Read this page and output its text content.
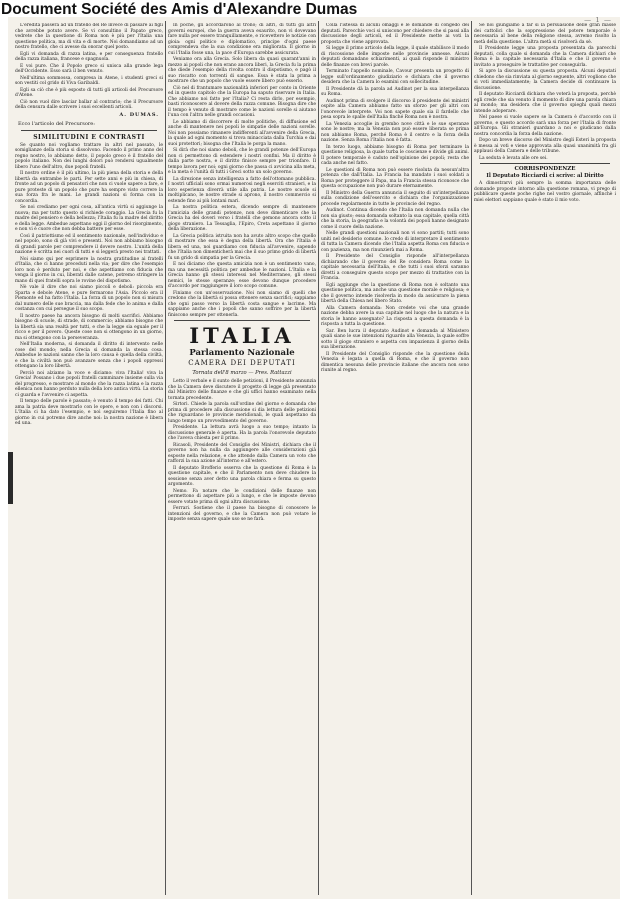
Document Société des Amis d'Alexandre Dumas
— 1 —

L'eredità passerà ad un fratello del Re invece di passare ai figli che avrebbe potuto avere. Se vi consultino il Papato greco, vedrete che la questione di Roma non è più per l'Italia una questione politica, ma di vita e di morte. Noi domandiamo ad un nostro fratello, che ci avesse da onorar quel posto.

Egli vi domanda di razza latina, e per conseguenza fratello della razza italiana, francese e spagnuola.

E voi pure. Che il Popolo greco si unisca alla grande lega dell'Occidente. Esso sarà il ben venuto.

Nell'ultima sommossa, compresa in Atene, i studenti greci si son vestiti col grido di Viva Garibaldi.

Egli sa ciò che è più esposto di tutti gli articoli del Precursore d'Atene.

Ciò non vuol dire lasciar ballar al contrario; che il Precursore della censura dalle scrivere i suoi eccellenti articoli.

A. DUMAS.
Ecco l'articolo del Precursore:
SIMILITUDINI E CONTRASTI

Se quanto noi vogliamo trattare in altri nel passato, le somiglianze della storia si dissolvono. Facendo il primo anno del regno nostro, lo abbiamo detto, il popolo greco è il fratello del popolo italiano. Non dei lunghi dolori può rendersi ugualmente libero l'uno dell'altro, due popoli fratelli.

Il nostro ordine è il più ultimo, la più piena della storia e della libertà da entrambe le parti. Per sette anni e più in chiesa, di fronte ad un popolo di pensatori che non ci vuole sapere a fare, e pure proteste di un popolo che pure ha sempre visto correre la sua forza fra le mani. Le grandi nazioni si forma con la concordia.

Se noi crediamo per ogni cosa, all'antica virtù si aggiunge la nuova; ma per tutto questo si richiede coraggio. La Grecia fu la madre del pensiero e della bellezza; l'Italia fu la madre del diritto e della legge. Ambedue aspettano oggi il giorno del risorgimento, e non vi è cuore che non debba battere per esse.

Così il patriottismo ed il sentimento nazionale, nell'individuo e nel popolo, sono di già vivi e presenti. Noi non abbiamo bisogno di grandi parole per comprendere il dovere nostro. L'unità della nazione è scritta nei cuori di tutti e si leggerà presto nei trattati.

Noi siamo qui per esprimere la nostra gratitudine ai fratelli d'Italia, che ci hanno preceduti nella via; per dire che l'esempio loro non è perduto per noi, e che aspettiamo con fiducia che venga il giorno in cui, liberati dalle catene, potremo stringere la mano di quei fratelli sopra le rovine del dispotismo.

Nè vale il dire che noi siamo piccoli e deboli: piccola era Sparta e debole Atene, e pure fermarono l'Asia. Piccolo era il Piemonte ed ha fatto l'Italia. La forza di un popolo non si misura dal numero delle sue braccia, ma dalla fede che lo anima e dalla costanza con cui persegue il suo scopo.

Il nostro paese ha ancora bisogno di molti sacrifici. Abbiamo bisogno di scuole, di strade, di commercio; abbiamo bisogno che la libertà sia una realtà per tutti, e che la legge sia eguale per il ricco e per il povero. Queste cose non si ottengono in un giorno, ma si ottengono con la perseveranza.

Nell'Italia moderna, si domanda il diritto di intervento nelle cose del mondo; nella Grecia si domanda la stessa cosa. Ambedue le nazioni sanno che la loro causa è quella della civiltà, e che la civiltà non può avanzare senza che i popoli oppressi ottengano la loro libertà.

Perciò noi alziamo la voce e diciamo: viva l'Italia! viva la Grecia! Possano i due popoli fratelli camminare insieme sulla via del progresso, e mostrare al mondo che la razza latina e la razza ellenica non hanno perduto nulla della loro antica virtù. La storia ci guarda e l'avvenire ci aspetta.

Il tempo delle parole è passato; è venuto il tempo dei fatti. Chi ama la patria deve mostrarlo con le opere, e non con i discorsi. L'Italia ci ha dato l'esempio, e noi seguiremo l'Italia fino al giorno in cui potremo dire anche noi: la nostra nazione è libera ed una.

In poche, gli accordarono al trono; di altri, di tutti gli altri governi europei, che la guerra aveva esaurito, non vi dovevano fare nulla per essere tranquillamente, e ricevettero le notizie con gioia: ogni politico e diplomatico, principe d'ogni paese comprendeva che la sua condizione era migliorata. Il giorno in cui l'Italia fosse una, la pace d'Europa sarebbe assicurata.

Veniamo ora alla Grecia. Solo libera da quasi quarant'anni in mezzo ai popoli che non erano ancora liberi, la Grecia fu la prima che diede l'esempio della rivolta contro il dispotismo, e pagò il suo riscatto con torrenti di sangue. Essa è stata la prima a mostrare che un popolo che vuole essere libero può esserlo.

Ciò nel di frantumare nazionalità inferiori per conto in Oriente ed in questo capitolo che la Europa ha saputo riservare in Italia. Che abbiamo noi fatto per l'Italia? Ci resta dirlo, per esempio, basti riconoscere al dovere della razza comune. Bisogna dire che il tempo è venuto di mostrare come le nazioni sorelle si aiutano l'una con l'altra nelle grandi occasioni.

Le abbiamo di discorrere di molte politiche, di diffusione ed anche di mantenere nei popoli le simpatie delle nazioni sorelle. Noi non possiamo rimanere indifferenti all'avvenire della Grecia, la quale ad ogni momento si trova minacciata dalla Turchia e dai suoi protettori; bisogna che l'Italia le porga la mano.

Si dirà che noi siamo deboli, che le grandi potenze dell'Europa non ci permettono di estendere i nostri confini. Ma il diritto è dalla parte nostra, e il diritto finisce sempre per trionfare. Il tempo lavora per noi; ogni giorno che passa ci avvicina alla meta, e la meta è l'unità di tutti i Greci sotto un solo governo.

La direzione senza intelligenza a fatto dell'ottomano pubblica. I nostri ufficiali sono ormai numerosi negli eserciti stranieri, e la loro esperienza diverrà utile alla patria. Le nostre scuole si moltiplicano, le nostre strade si aprono, il nostro commercio si estende fino ai più lontani mari.

La nostra politica estera, dicendo sempre di mantenere l'amicizia delle grandi potenze, non deve dimenticare che la Grecia ha dei doveri verso i fratelli che gemono ancora sotto il giogo straniero. La Tessaglia, l'Epiro, Creta aspettano il giorno della liberazione.

La Grecia politica istruita non ha avuto altro scopo che quello di mostrare che essa è degna della libertà. Ora che l'Italia è libera ed una, noi guardiamo con fiducia all'avvenire, sapendo che l'Italia non dimenticherà mai che il suo primo grido di libertà fu un grido di simpatia per la Grecia.

E noi diciamo che questa amicizia non è un sentimento vano, ma una necessità politica per ambedue le nazioni. L'Italia e la Grecia hanno gli stessi interessi nel Mediterraneo, gli stessi nemici, le stesse speranze; esse devono dunque procedere d'accordo per raggiungere il loro scopo comune.

Finiamo con un'osservazione. Noi non siamo di quelli che credono che la libertà si possa ottenere senza sacrifici; sappiamo che ogni passo verso la libertà costa sangue e lacrime. Ma sappiamo anche che i popoli che sanno soffrire per la libertà finiscono sempre per ottenerla.

ITALIA
Parlamento Nazionale
CAMERA DEI DEPUTATI
Tornata dell'8 marzo — Pres. Rattazzi

Letto il verbale e il sunto delle petizioni, il Presidente annunzia che la Camera deve discutere il progetto di legge già presentato dal Ministro delle finanze e che gli uffici hanno esaminato nella tornata precedente.

Sirtori. Chiede la parola sull'ordine del giorno e domanda che prima di procedere alla discussione si dia lettura delle petizioni che riguardano le provincie meridionali, le quali aspettano da lungo tempo un provvedimento del governo.

Presidente. La lettura avrà luogo a suo tempo; intanto la discussione generale è aperta. Ha la parola l'onorevole deputato che l'aveva chiesta per il primo.

Ricasoli, Presidente del Consiglio dei Ministri, dichiara che il governo non ha nulla da aggiungere alle considerazioni già esposte nella relazione, e che attende dalla Camera un voto che rafforzi la sua azione all'interno e all'estero.

Il deputato Brofferio osserva che la questione di Roma è la questione capitale, e che il Parlamento non deve chiudere la sessione senza aver detto una parola chiara e ferma su questo argomento.

Nemo. Fa notare che le condizioni delle finanze non permettono di aspettare più a lungo, e che le imposte devono essere votate prima di ogni altra discussione.

Ferrari. Sostiene che il paese ha bisogno di conoscere le intenzioni del governo, e che la Camera non può votare le imposte senza sapere quale uso se ne farà.

Colla l'istessa di alcuni omaggi e le domande di congedo dei deputati. Parecchie voci si uniscono per chiedere che si passi alla discussione degli articoli, ed il Presidente mette ai voti la proposta che viene approvata.

Si legge il primo articolo della legge, il quale stabilisce il modo di riscossione delle imposte nelle provincie annesse. Alcuni deputati domandano schiarimenti, ai quali risponde il ministro delle finanze con brevi parole.

Terminato l'appello nominale, Cavour presenta un progetto di legge sull'ordinamento giudiziario e dichiara che il governo desidera che la Camera lo esamini con sollecitudine.

Il Presidente dà la parola ad Audinot per la sua interpellanza su Roma.

Audinot prima di svolgere il discorso il presidente dei ministri ospite alla Camera abbiamo fatto un sforzo per gli altri con l'onorevole interprete. Voi non sapete quale sia il fardello che pesa sopra le spalle dell'Italia finché Roma non è nostra.

La Venezia accoglie in grembo nove città e le sue speranze sono le nostre; ma la Venezia non può essere liberata se prima non abbiamo Roma, perché Roma è il centro e la forza della nazione. Senza Roma l'Italia non è fatta.

In terzo luogo, abbiamo bisogno di Roma per terminare la questione religiosa, la quale turba le coscienze e divide gli animi. Il potere temporale è caduto nell'opinione dei popoli; resta che cada anche nel fatto.

Le questioni di Roma non può essere risoluta da nessun'altra potenza che dall'Italia. La Francia ha mandato i suoi soldati a Roma per proteggere il Papa, ma la Francia stessa riconosce che questa occupazione non può durare eternamente.

Il Ministro della Guerra annuncia il seguito di un'interpellanza sulla condizione dell'esercito e dichiara che l'organizzazione procede regolarmente in tutte le provincie del regno.

Audinot. Continua dicendo che l'Italia non domanda nulla che non sia giusto; essa domanda soltanto la sua capitale, quella città che la storia, la geografia e la volontà dei popoli hanno designato come il cuore della nazione.

Nelle grandi questioni nazionali non vi sono partiti; tutti sono uniti nel desiderio comune. Io credo di interpretare il sentimento di tutta la Camera dicendo che l'Italia aspetta Roma con fiducia e con pazienza, ma non rinunzierà mai a Roma.

Il Presidente del Consiglio risponde all'interpellanza dichiarando che il governo del Re considera Roma come la capitale necessaria dell'Italia, e che tutti i suoi sforzi saranno diretti a conseguire questo scopo per mezzo di trattative con la Francia.

Egli aggiunge che la questione di Roma non è soltanto una questione politica, ma anche una questione morale e religiosa; e che il governo intende risolverla in modo da assicurare la piena libertà della Chiesa nel libero Stato.

Alla Camera domanda: Non credete voi che una grande nazione debba avere la sua capitale nel luogo che la natura e la storia le hanno assegnato? La risposta a questa domanda è la risposta a tutta la questione.

Sar. Ben lucra il deputato Audinot e domanda al Ministero quali siano le sue intenzioni riguardo alla Venezia, la quale soffre sotto il giogo straniero e aspetta con impazienza il giorno della sua liberazione.

Il Presidente del Consiglio risponde che la questione della Venezia è legata a quella di Roma, e che il governo non dimentica nessuna delle provincie italiane che ancora non sono riunite al regno.

Se noi giungiamo a far sì la persuasione delle gran masse dei cattolici che la soppressione del potere temporale è necessaria al bene della religione stessa, avremo risolto la metà della questione. L'altra metà si risolverà da sè.

Il Presidente legge una proposta presentata da parecchi deputati, colla quale si domanda che la Camera dichiari che Roma è la capitale necessaria d'Italia e che il governo è invitato a proseguire le trattative per conseguirla.

Si apre la discussione su questa proposta. Alcuni deputati chiedono che sia rinviata al giorno seguente, altri vogliono che si voti immediatamente; la Camera decide di continuare la discussione.

Il deputato Ricciardi dichiara che voterà la proposta, perchè egli crede che sia venuto il momento di dire una parola chiara al mondo; ma desidera che il governo spieghi quali mezzi intende adoperare.

Nel paese si vuole sapere se la Camera è d'accordo con il governo, e questo accordo sarà una forza per l'Italia di fronte all'Europa. Gli stranieri guardano a noi e giudicano dalla nostra concordia la forza della nazione.

Dopo un breve discorso del Ministro degli Esteri la proposta è messa ai voti e viene approvata alla quasi unanimità fra gli applausi della Camera e delle tribune.

La seduta è levata alle ore sei.

CORRISPONDENZE
Il Deputato Ricciardi ci scrive: al Diritto

A dimostrarvi più sempre la somma importanza delle domande proposte intorno alla questione romana, vi prego di pubblicare queste poche righe nel vostro giornale, affinchè i miei elettori sappiano quale è stato il mio voto.
